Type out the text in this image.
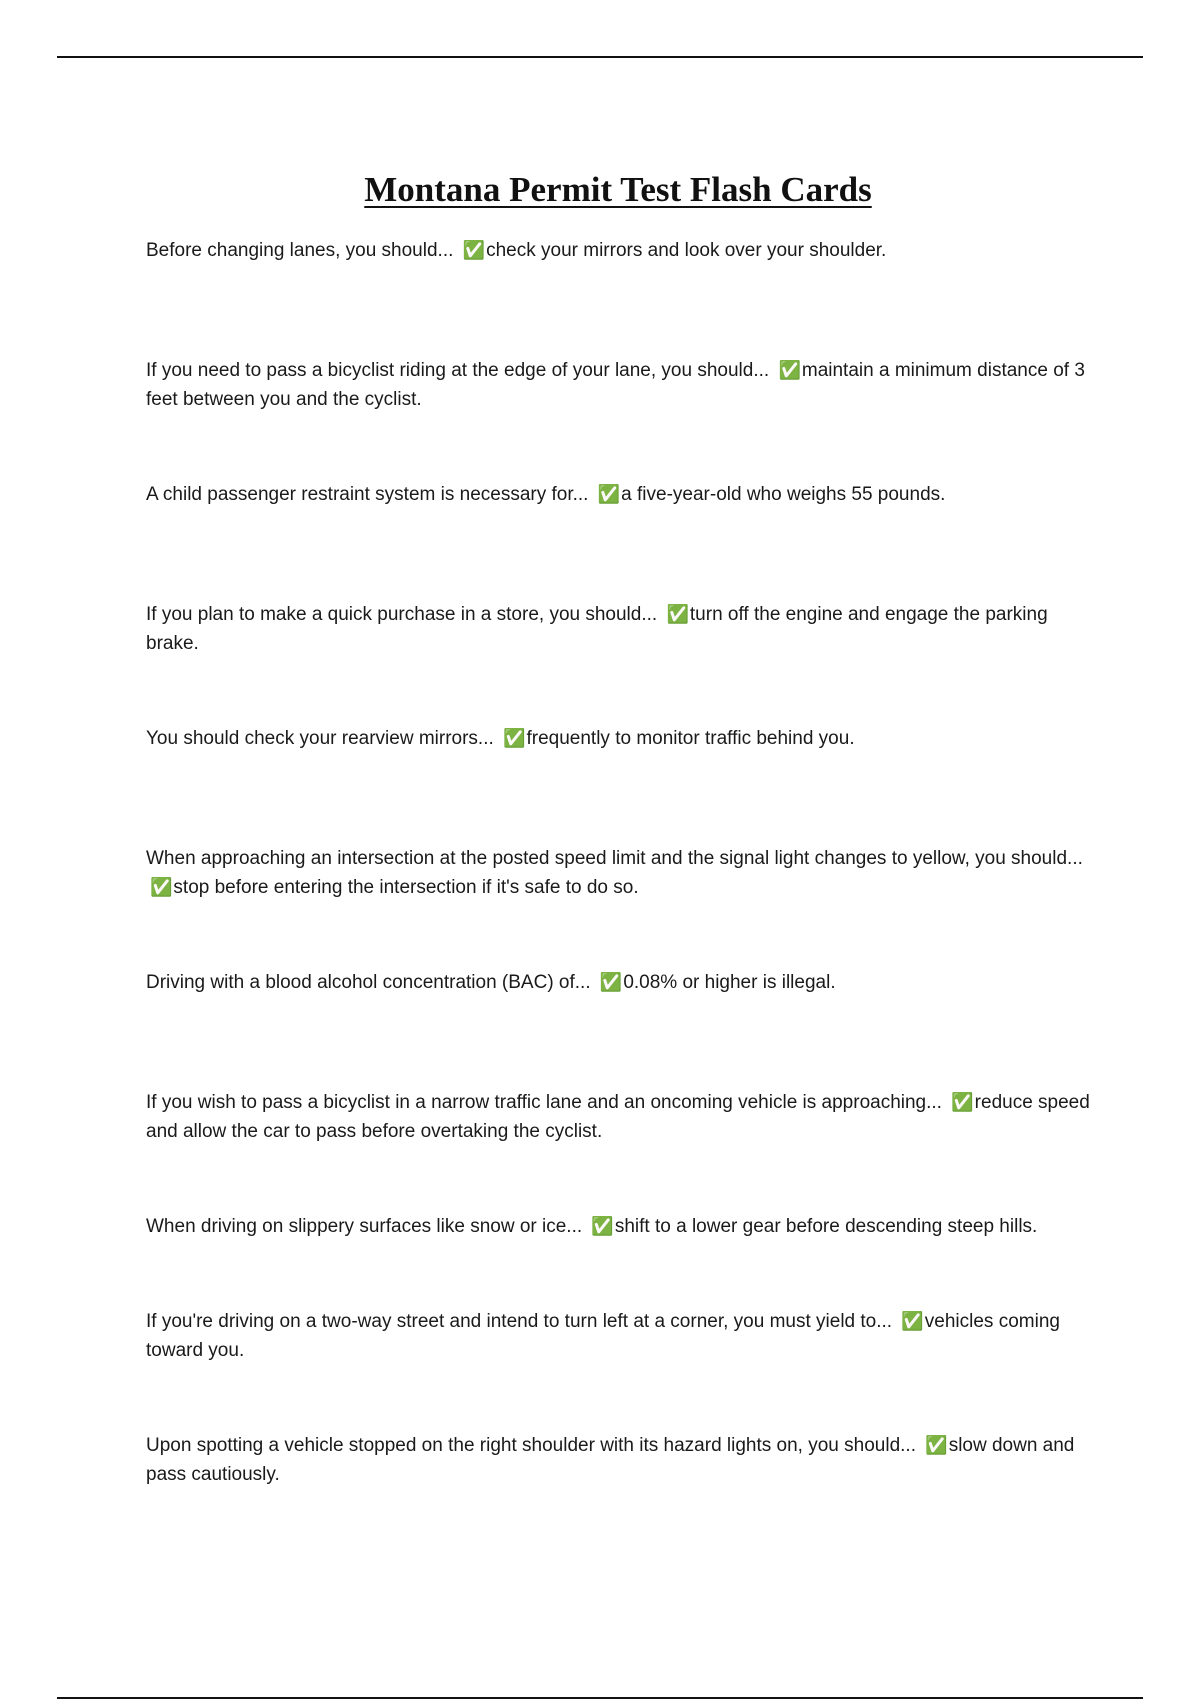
Montana Permit Test Flash Cards
Before changing lanes, you should... ✅check your mirrors and look over your shoulder.
If you need to pass a bicyclist riding at the edge of your lane, you should... ✅maintain a minimum distance of 3 feet between you and the cyclist.
A child passenger restraint system is necessary for... ✅a five-year-old who weighs 55 pounds.
If you plan to make a quick purchase in a store, you should... ✅turn off the engine and engage the parking brake.
You should check your rearview mirrors... ✅frequently to monitor traffic behind you.
When approaching an intersection at the posted speed limit and the signal light changes to yellow, you should... ✅stop before entering the intersection if it's safe to do so.
Driving with a blood alcohol concentration (BAC) of... ✅0.08% or higher is illegal.
If you wish to pass a bicyclist in a narrow traffic lane and an oncoming vehicle is approaching... ✅reduce speed and allow the car to pass before overtaking the cyclist.
When driving on slippery surfaces like snow or ice... ✅shift to a lower gear before descending steep hills.
If you're driving on a two-way street and intend to turn left at a corner, you must yield to... ✅vehicles coming toward you.
Upon spotting a vehicle stopped on the right shoulder with its hazard lights on, you should... ✅slow down and pass cautiously.
